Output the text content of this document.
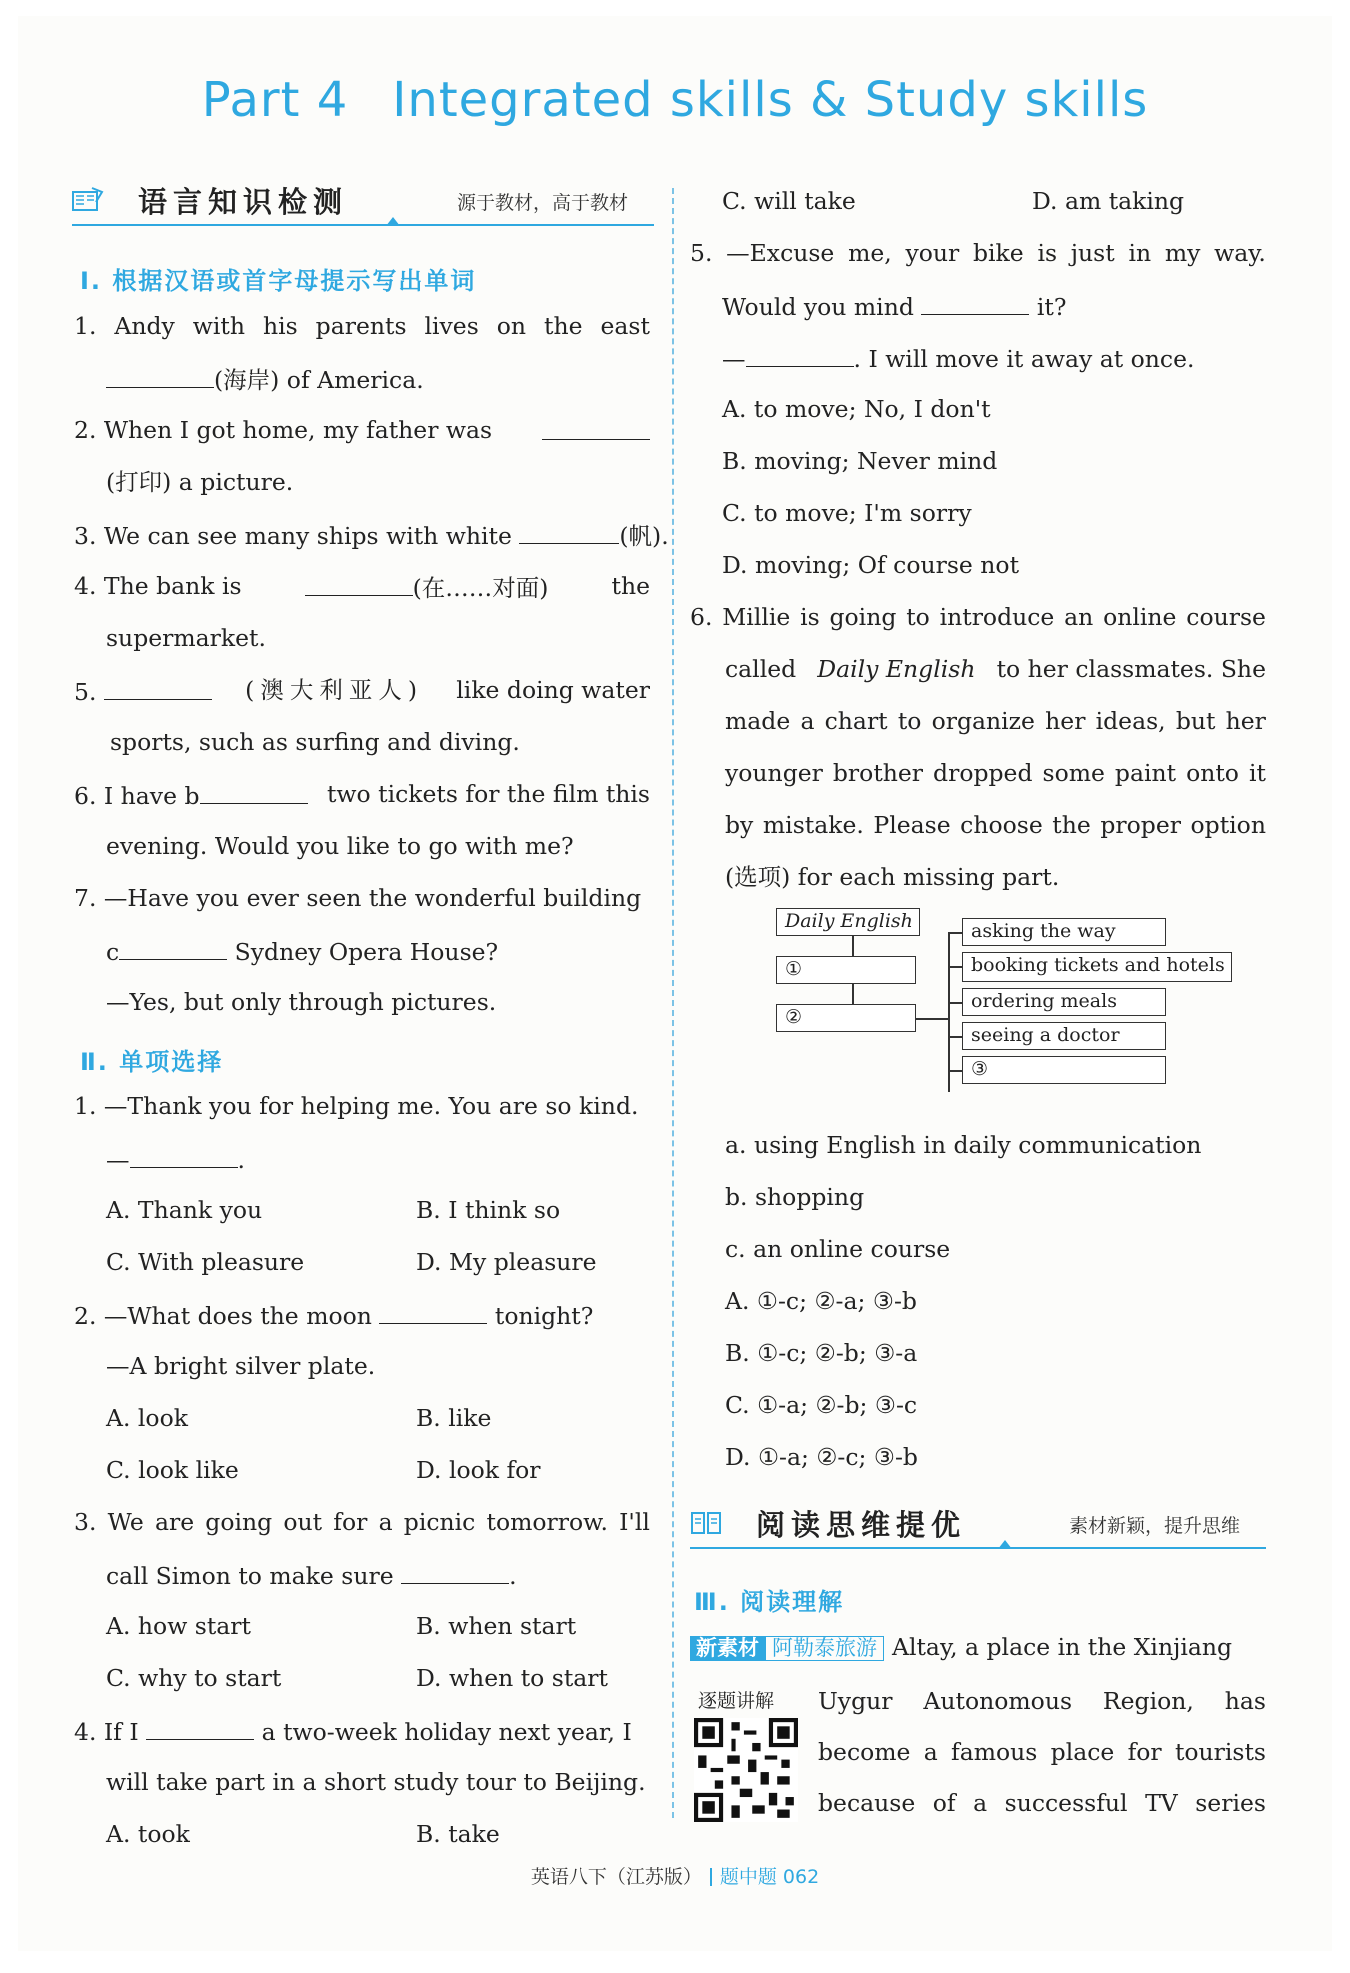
Part 4 Integrated skills & Study skills
语言知识检测	源于教材，高于教材
Ⅰ. 根据汉语或首字母提示写出单词
1. Andy with his parents lives on the east
(海岸) of America.
2. When I got home, my father was
(打印) a picture.
3. We can see many ships with white	(帆).
4. The bank is	(在……对面)	the
supermarket.
5.	(澳大利亚人) like doing water
sports, such as surfing and diving.
6. I have b	two tickets for the film this
evening. Would you like to go with me?
7. —Have you ever seen the wonderful building
c	Sydney Opera House?
—Yes, but only through pictures.
Ⅱ. 单项选择
1. —Thank you for helping me. You are so kind.
—	.
A. Thank you	B. I think so
C. With pleasure	D. My pleasure
2. —What does the moon	tonight?
—A bright silver plate.
A. look	B. like
C. look like	D. look for
3. We are going out for a picnic tomorrow. I'll
call Simon to make sure	.
A. how start	B. when start
C. why to start	D. when to start
4. If I	a two-week holiday next year, I
will take part in a short study tour to Beijing.
A. took	B. take
C. will take	D. am taking
5. —Excuse me, your bike is just in my way.
Would you mind	it?
—	. I will move it away at once.
A. to move; No, I don't
B. moving; Never mind
C. to move; I'm sorry
D. moving; Of course not
6. Millie is going to introduce an online course
called Daily English to her classmates. She
made a chart to organize her ideas, but her
younger brother dropped some paint onto it
by mistake. Please choose the proper option
(选项) for each missing part.
Daily English
①
②
asking the way
booking tickets and hotels
ordering meals
seeing a doctor
③
a. using English in daily communication
b. shopping
c. an online course
A. ①-c; ②-a; ③-b
B. ①-c; ②-b; ③-a
C. ①-a; ②-b; ③-c
D. ①-a; ②-c; ③-b
阅读思维提优	素材新颖，提升思维
Ⅲ. 阅读理解
新素材 阿勒泰旅游 Altay, a place in the Xinjiang
逐题讲解 Uygur Autonomous Region, has
become a famous place for tourists
because of a successful TV series
英语八下（江苏版） 题中题 062
